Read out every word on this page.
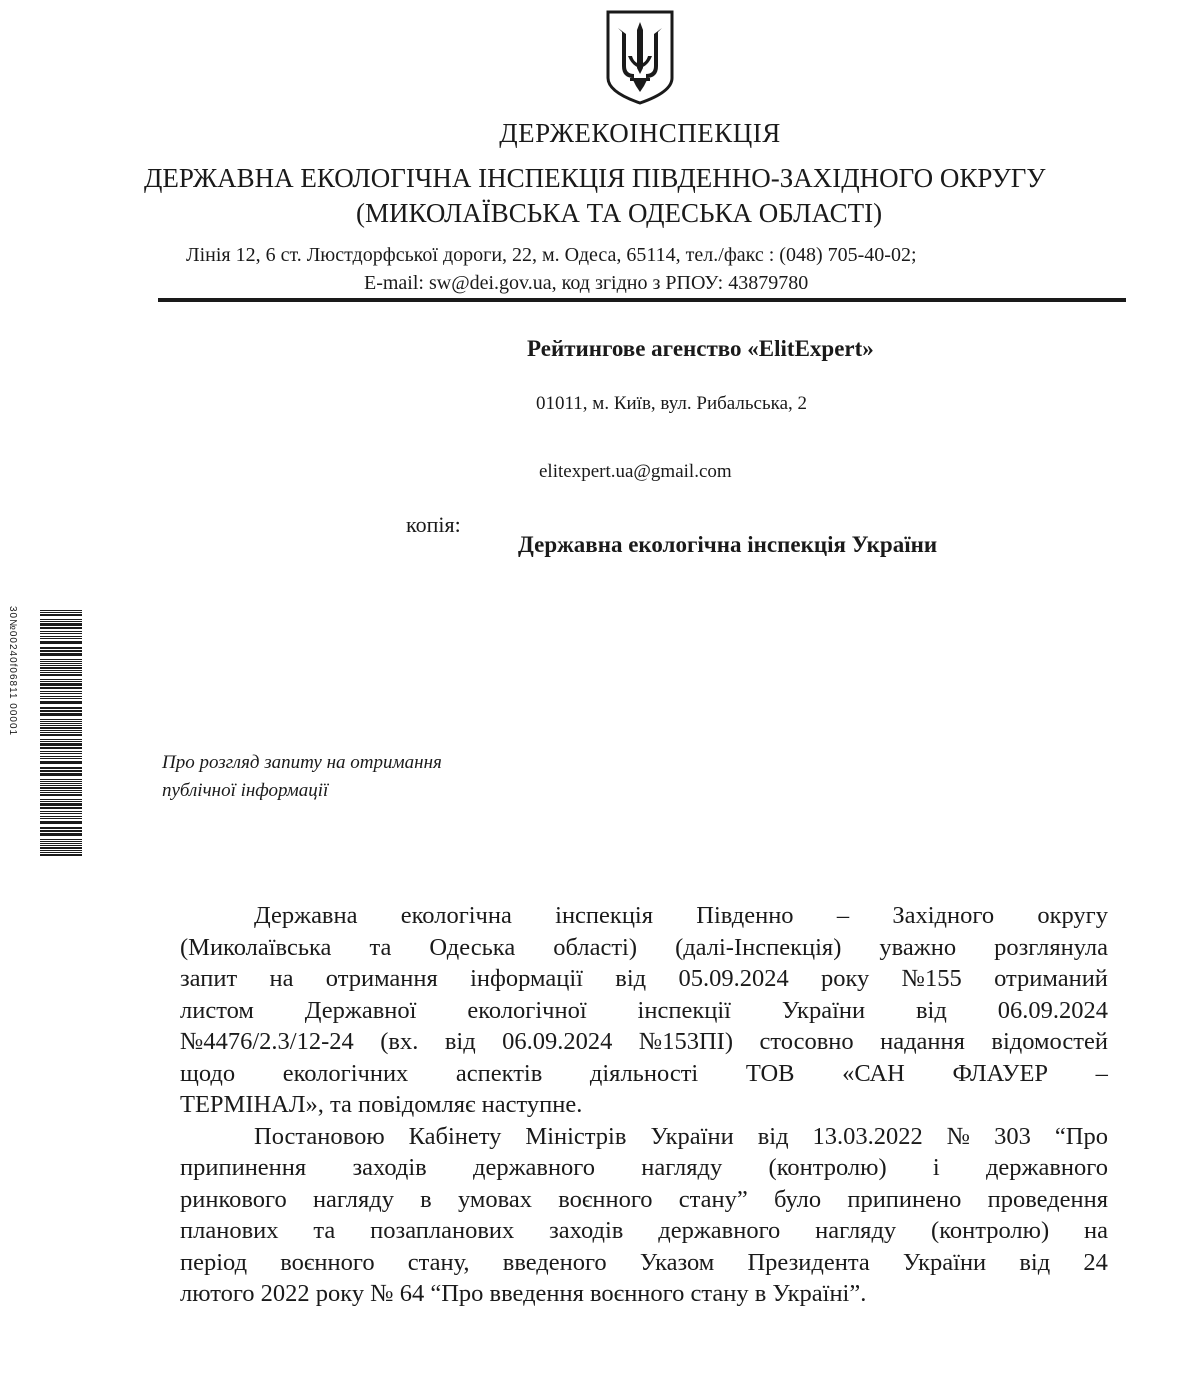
ДЕРЖЕКОІНСПЕКЦІЯ
ДЕРЖАВНА ЕКОЛОГІЧНА ІНСПЕКЦІЯ ПІВДЕННО-ЗАХІДНОГО ОКРУГУ
(МИКОЛАЇВСЬКА ТА ОДЕСЬКА ОБЛАСТІ)
Лінія 12, 6 ст. Люстдорфської дороги, 22, м. Одеса, 65114, тел./факс : (048) 705-40-02;
E-mail: sw@dei.gov.ua, код згідно з РПОУ: 43879780
Рейтингове агенство «ElitExpert»
01011, м. Київ, вул. Рибальська, 2
elitexpert.ua@gmail.com
копія:
Державна екологічна інспекція України
30№00240f06811 00001
Про розгляд запиту на отримання
публічної інформації
Державна екологічна інспекція Південно – Західного округу
(Миколаївська та Одеська області) (далі-Інспекція) уважно розглянула
запит на отримання інформації від 05.09.2024 року №155 отриманий
листом Державної екологічної інспекції України від 06.09.2024
№4476/2.3/12-24 (вх. від 06.09.2024 №153ПІ) стосовно надання відомостей
щодо екологічних аспектів діяльності ТОВ «САН ФЛАУЕР –
ТЕРМІНАЛ», та повідомляє наступне.
Постановою Кабінету Міністрів України від 13.03.2022 № 303 “Про
припинення заходів державного нагляду (контролю) і державного
ринкового нагляду в умовах воєнного стану” було припинено проведення
планових та позапланових заходів державного нагляду (контролю) на
період воєнного стану, введеного Указом Президента України від 24
лютого 2022 року № 64 “Про введення воєнного стану в Україні”.
